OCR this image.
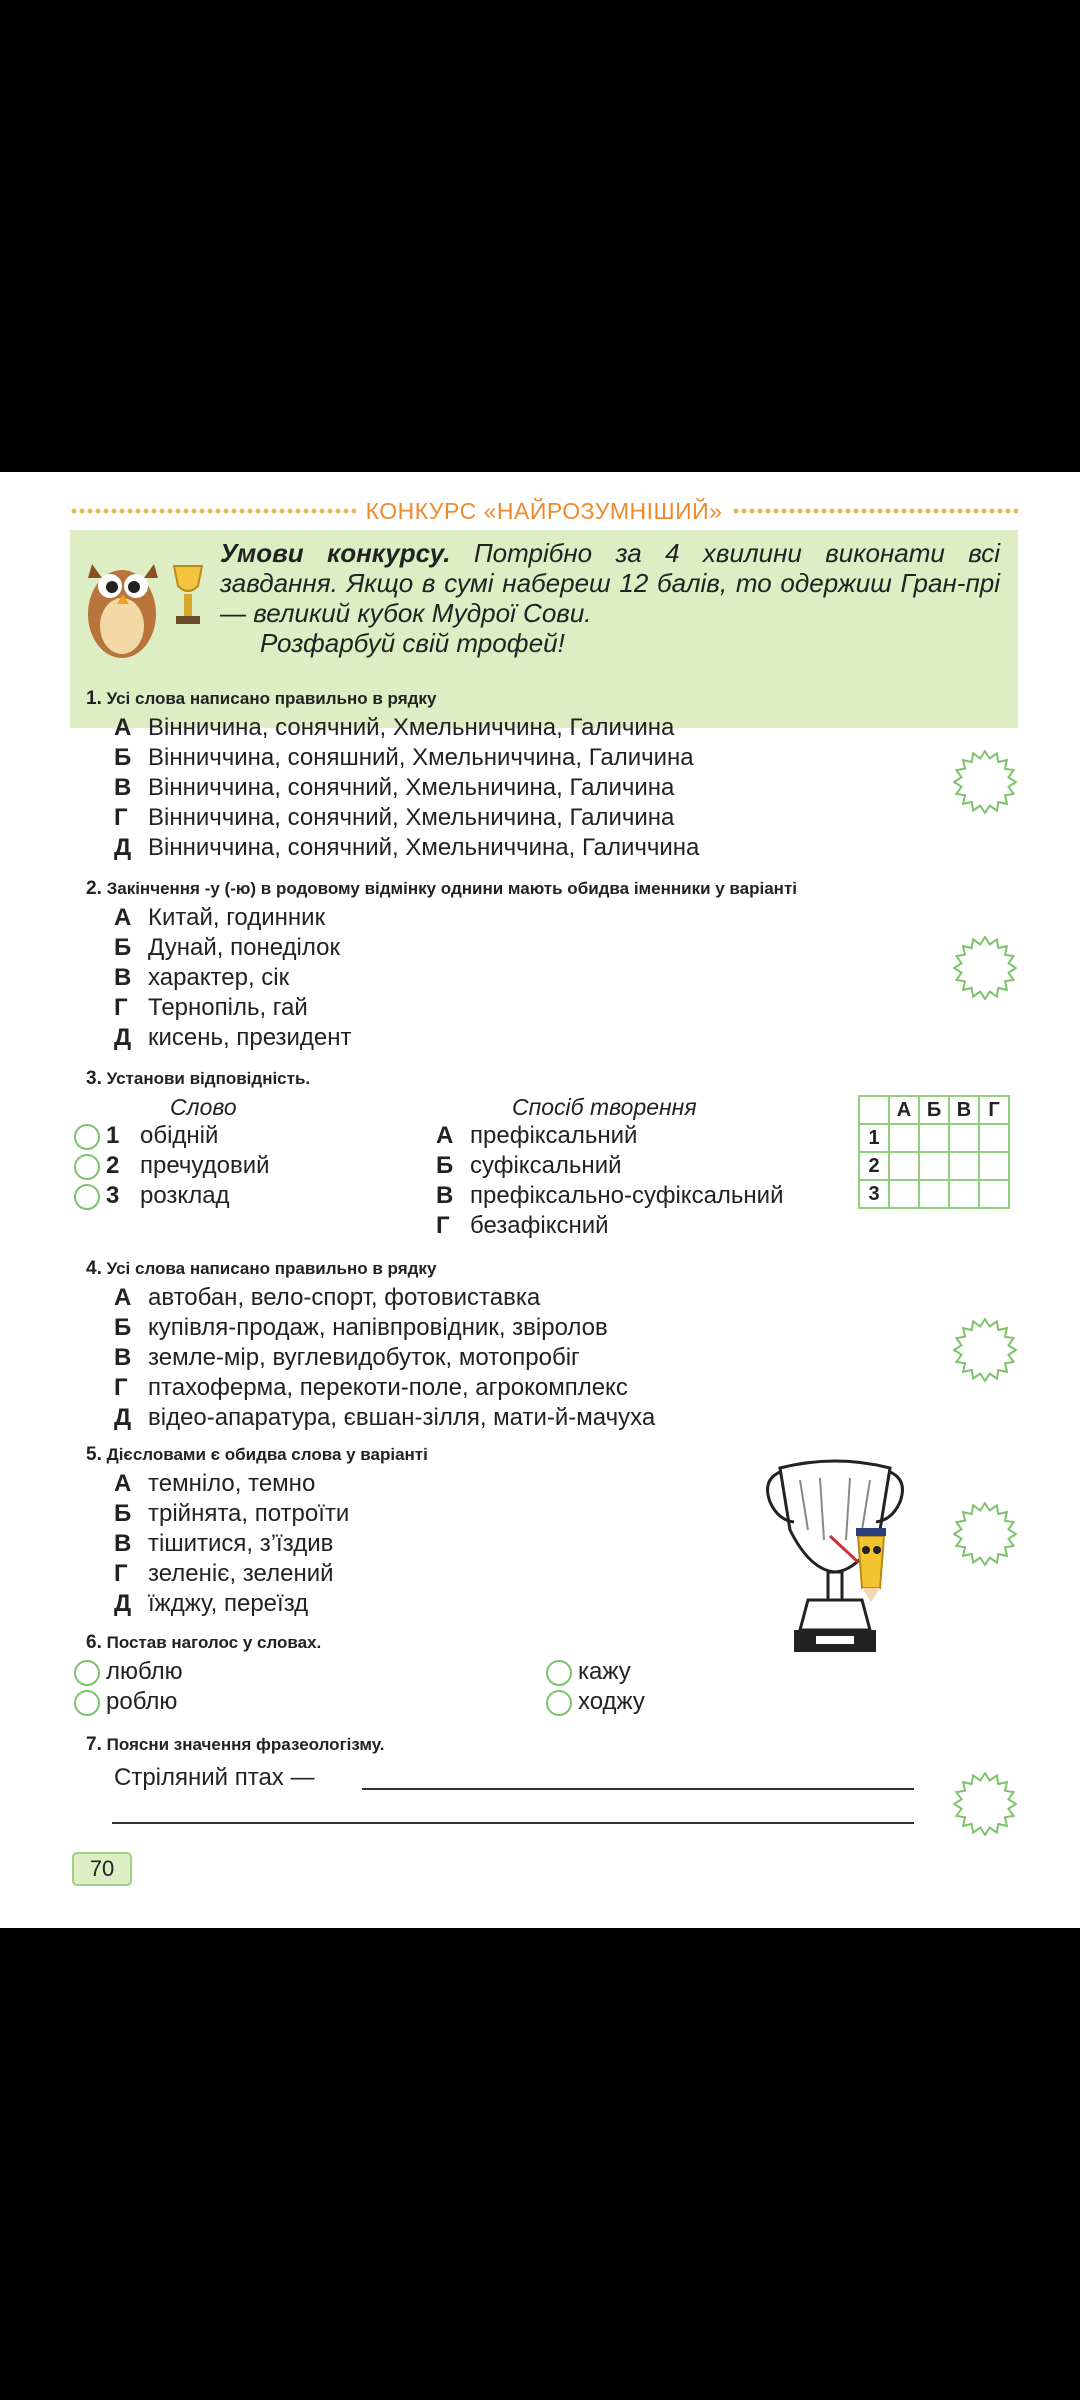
КОНКУРС «НАЙРОЗУМНІШИЙ»
Умови конкурсу. Потрібно за 4 хвилини виконати всі завдання. Якщо в сумі набереш 12 балів, то одержиш Гран-прі — великий кубок Мудрої Сови.
Розфарбуй свій трофей!
1. Усі слова написано правильно в рядку
А Вінничина, сонячний, Хмельниччина, Галичина
Б Вінниччина, соняшний, Хмельниччина, Галичина
В Вінниччина, сонячний, Хмельничина, Галичина
Г Вінниччина, сонячний, Хмельничина, Галичина
Д Вінниччина, сонячний, Хмельниччина, Галиччина
2. Закінчення -у (-ю) в родовому відмінку однини мають обидва іменники у варіанті
А Китай, годинник
Б Дунай, понеділок
В характер, сік
Г Тернопіль, гай
Д кисень, президент
3. Установи відповідність.
Слово	Спосіб творення
1 обідній
2 пречудовий
3 розклад
А префіксальний
Б суфіксальний
В префіксально-суфіксальний
Г безафіксний
	А	Б	В	Г
1				
2				
3				
4. Усі слова написано правильно в рядку
А автобан, вело-спорт, фотовиставка
Б купівля-продаж, напівпровідник, звіролов
В земле-мір, вуглевидобуток, мотопробіг
Г птахоферма, перекоти-поле, агрокомплекс
Д відео-апаратура, євшан-зілля, мати-й-мачуха
5. Дієсловами є обидва слова у варіанті
А темніло, темно
Б трійнята, потроїти
В тішитися, з’їздив
Г зеленіє, зелений
Д їжджу, переїзд
6. Постав наголос у словах.
люблю
роблю
кажу
ходжу
7. Поясни значення фразеологізму.
Стріляний птах —
70
